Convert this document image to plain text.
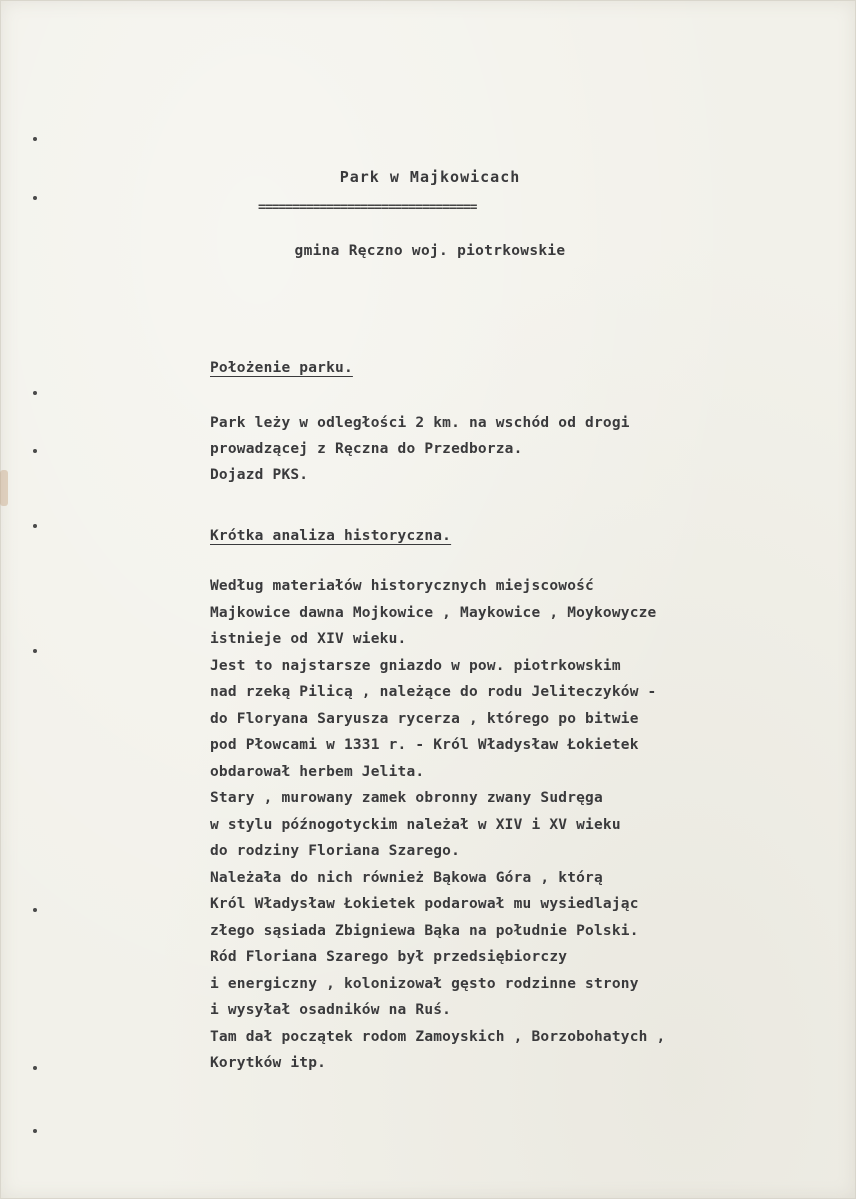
Park w Majkowicach
================================
gmina Ręczno woj. piotrkowskie
Położenie parku.
Park leży w odległości 2 km. na wschód od drogi
prowadzącej z Ręczna do Przedborza.
Dojazd PKS.
Krótka analiza historyczna.
Według materiałów historycznych miejscowość
Majkowice dawna Mojkowice , Maykowice , Moykowycze
istnieje od XIV wieku.
Jest to najstarsze gniazdo w pow. piotrkowskim
nad rzeką Pilicą , należące do rodu Jeliteczyków -
do Floryana Saryusza rycerza , którego po bitwie
pod Płowcami w 1331 r. - Król Władysław Łokietek
obdarował herbem Jelita.
Stary , murowany zamek obronny zwany Sudręga
w stylu późnogotyckim należał w XIV i XV wieku
do rodziny Floriana Szarego.
Należała do nich również Bąkowa Góra , którą
Król Władysław Łokietek podarował mu wysiedlając
złego sąsiada Zbigniewa Bąka na południe Polski.
Ród Floriana Szarego był przedsiębiorczy
i energiczny , kolonizował gęsto rodzinne strony
i wysyłał osadników na Ruś.
Tam dał początek rodom Zamoyskich , Borzobohatych ,
Korytków itp.
